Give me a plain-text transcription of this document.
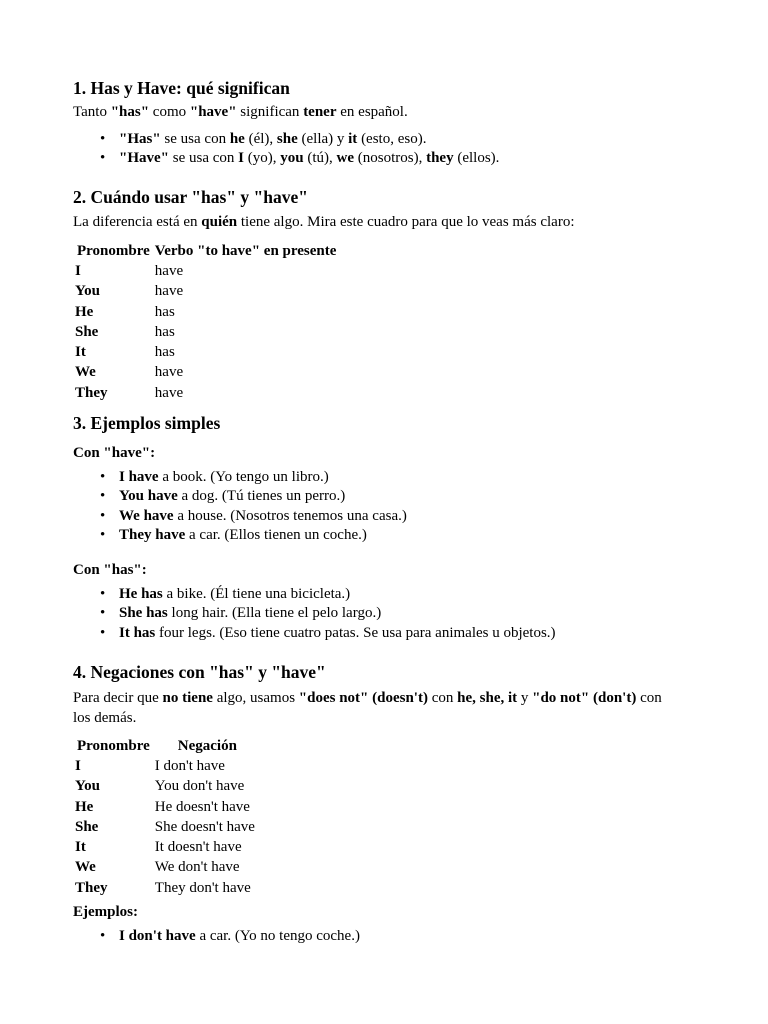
1. Has y Have: qué significan
Tanto "has" como "have" significan tener en español.
• "Has" se usa con he (él), she (ella) y it (esto, eso).
• "Have" se usa con I (yo), you (tú), we (nosotros), they (ellos).
2. Cuándo usar "has" y "have"
La diferencia está en quién tiene algo. Mira este cuadro para que lo veas más claro:
Pronombre	Verbo "to have" en presente
I	have
You	have
He	has
She	has
It	has
We	have
They	have
3. Ejemplos simples
Con "have":
• I have a book. (Yo tengo un libro.)
• You have a dog. (Tú tienes un perro.)
• We have a house. (Nosotros tenemos una casa.)
• They have a car. (Ellos tienen un coche.)
Con "has":
• He has a bike. (Él tiene una bicicleta.)
• She has long hair. (Ella tiene el pelo largo.)
• It has four legs. (Eso tiene cuatro patas. Se usa para animales u objetos.)
4. Negaciones con "has" y "have"
Para decir que no tiene algo, usamos "does not" (doesn't) con he, she, it y "do not" (don't) con
los demás.
Pronombre	Negación
I	I don't have
You	You don't have
He	He doesn't have
She	She doesn't have
It	It doesn't have
We	We don't have
They	They don't have
Ejemplos:
• I don't have a car. (Yo no tengo coche.)
